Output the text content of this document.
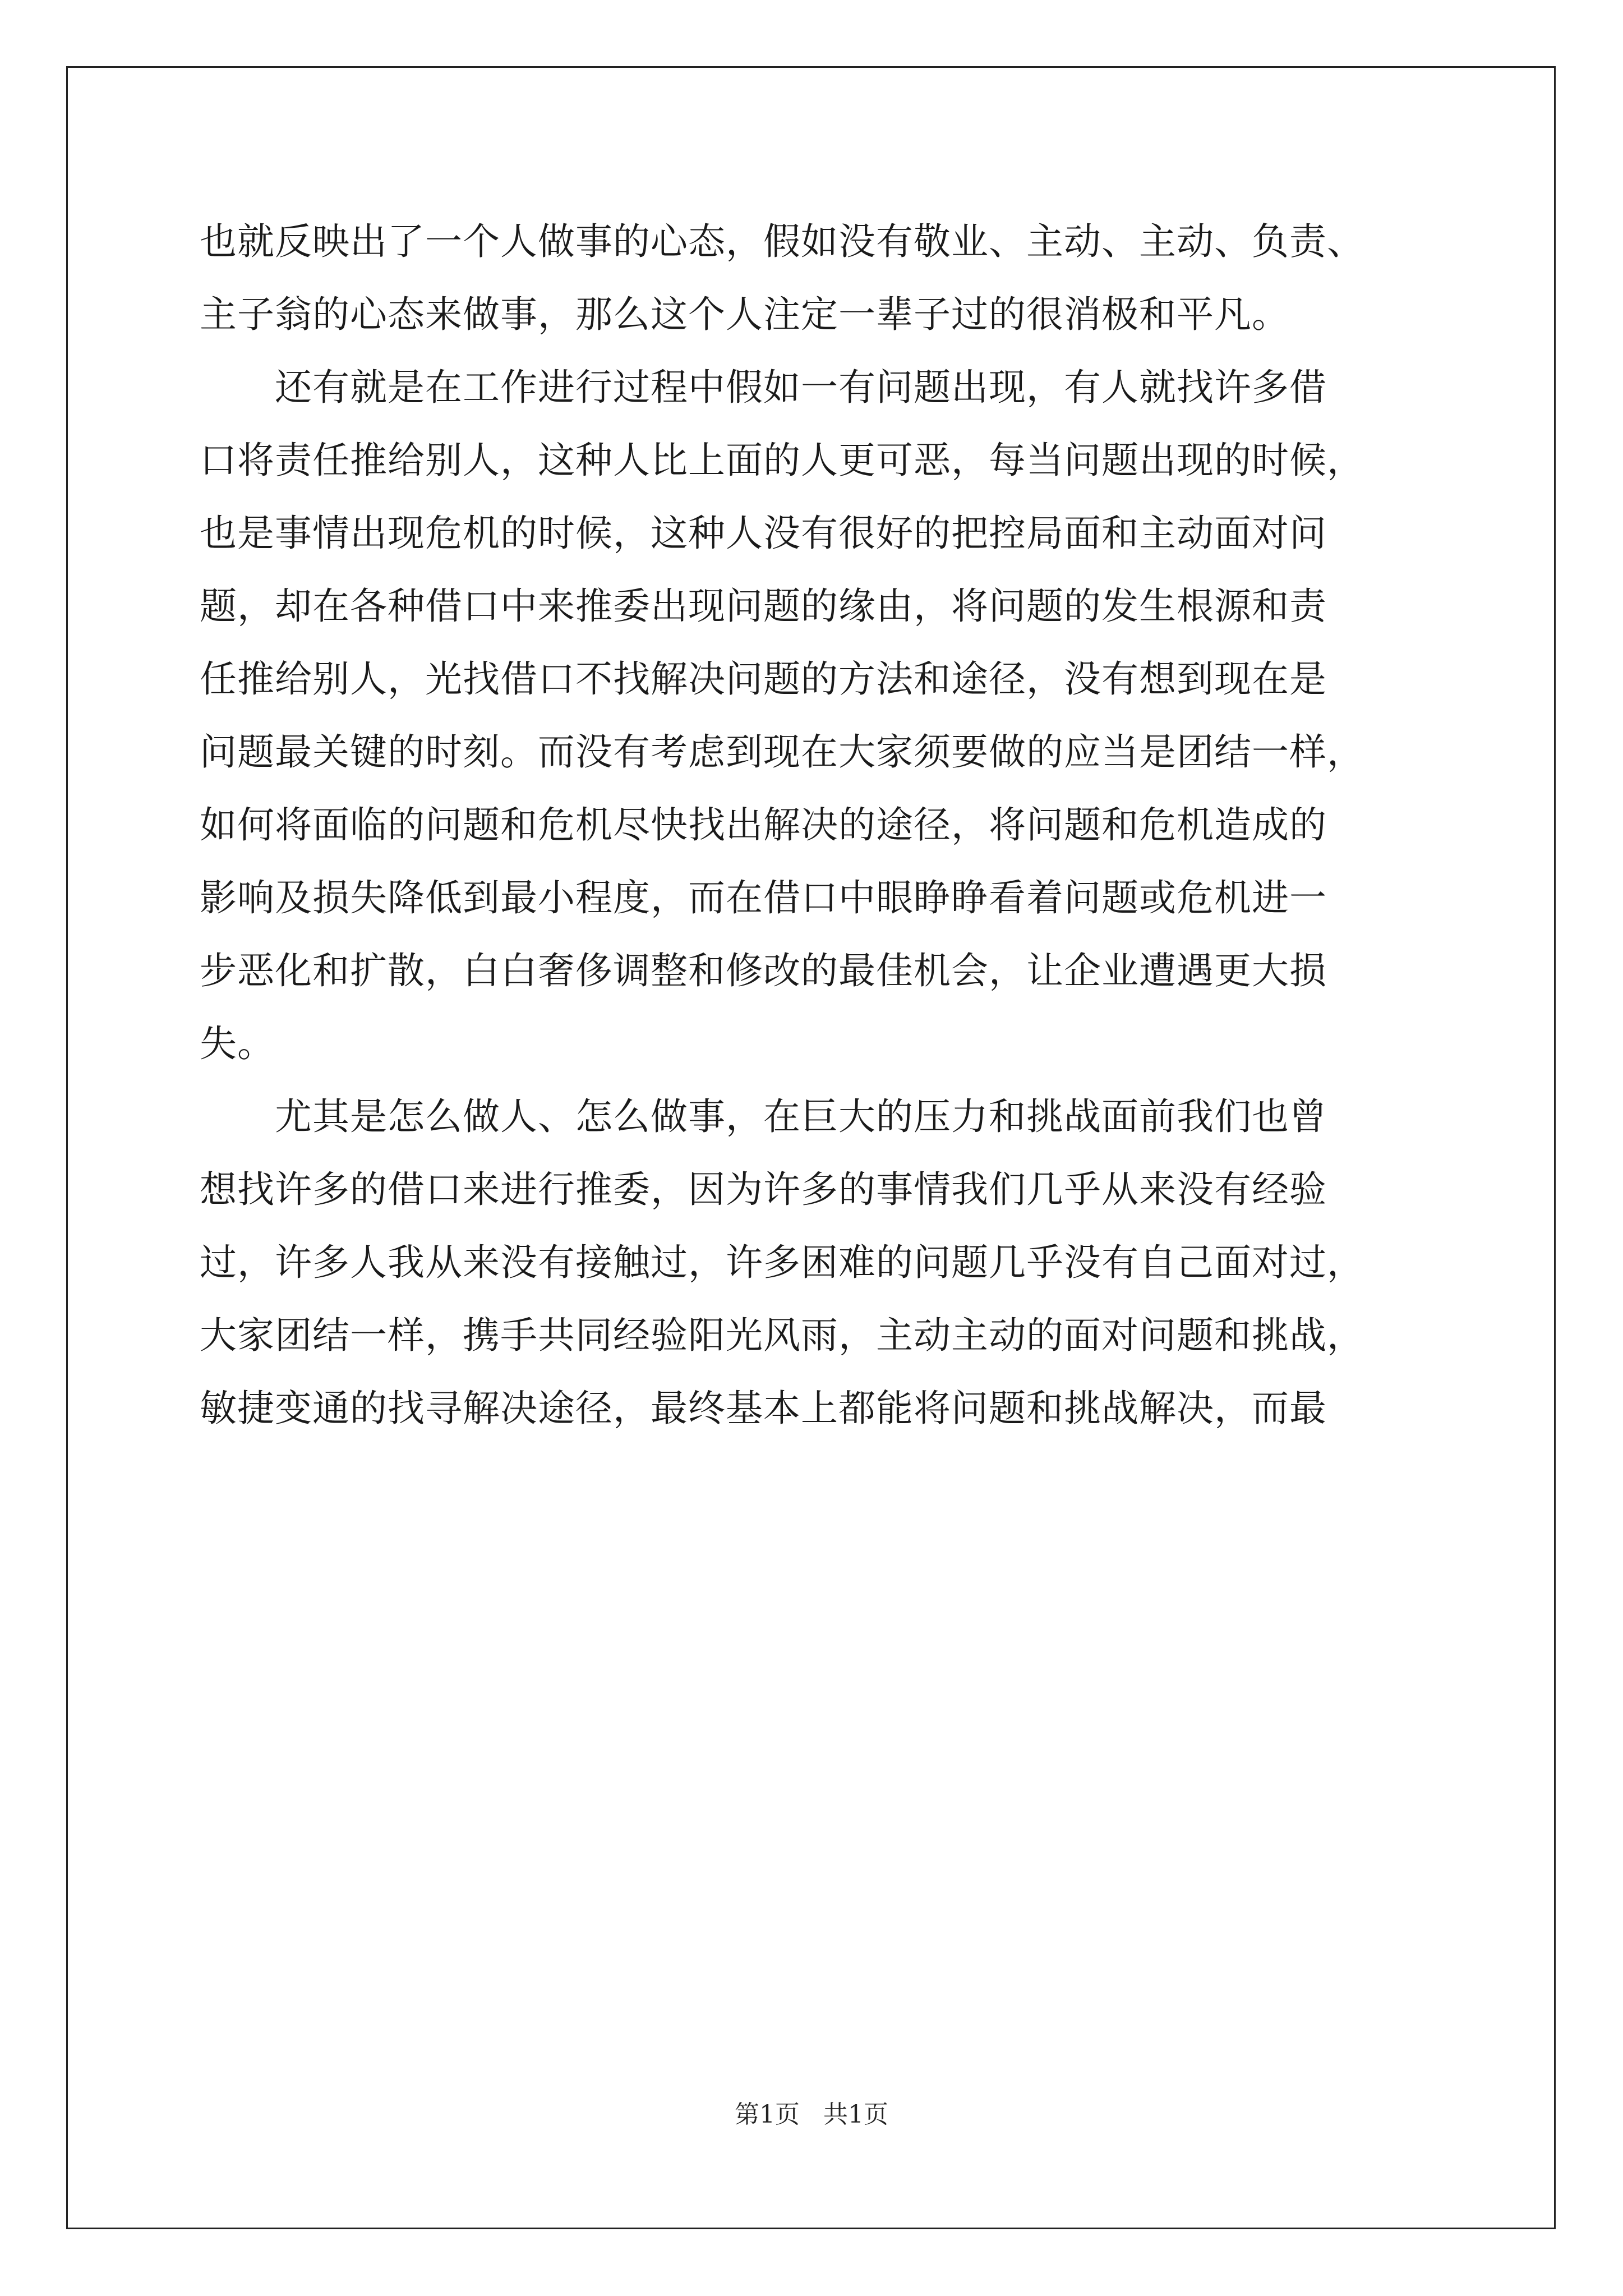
也就反映出了一个人做事的心态，假如没有敬业、主动、主动、负责、
主子翁的心态来做事，那么这个人注定一辈子过的很消极和平凡。
还有就是在工作进行过程中假如一有问题出现，有人就找许多借
口将责任推给别人，这种人比上面的人更可恶，每当问题出现的时候，
也是事情出现危机的时候，这种人没有很好的把控局面和主动面对问
题，却在各种借口中来推委出现问题的缘由，将问题的发生根源和责
任推给别人，光找借口不找解决问题的方法和途径，没有想到现在是
问题最关键的时刻。而没有考虑到现在大家须要做的应当是团结一样，
如何将面临的问题和危机尽快找出解决的途径，将问题和危机造成的
影响及损失降低到最小程度，而在借口中眼睁睁看着问题或危机进一
步恶化和扩散，白白奢侈调整和修改的最佳机会，让企业遭遇更大损
失。
尤其是怎么做人、怎么做事，在巨大的压力和挑战面前我们也曾
想找许多的借口来进行推委，因为许多的事情我们几乎从来没有经验
过，许多人我从来没有接触过，许多困难的问题几乎没有自己面对过，
大家团结一样，携手共同经验阳光风雨，主动主动的面对问题和挑战，
敏捷变通的找寻解决途径，最终基本上都能将问题和挑战解决，而最
第1页   共1页
